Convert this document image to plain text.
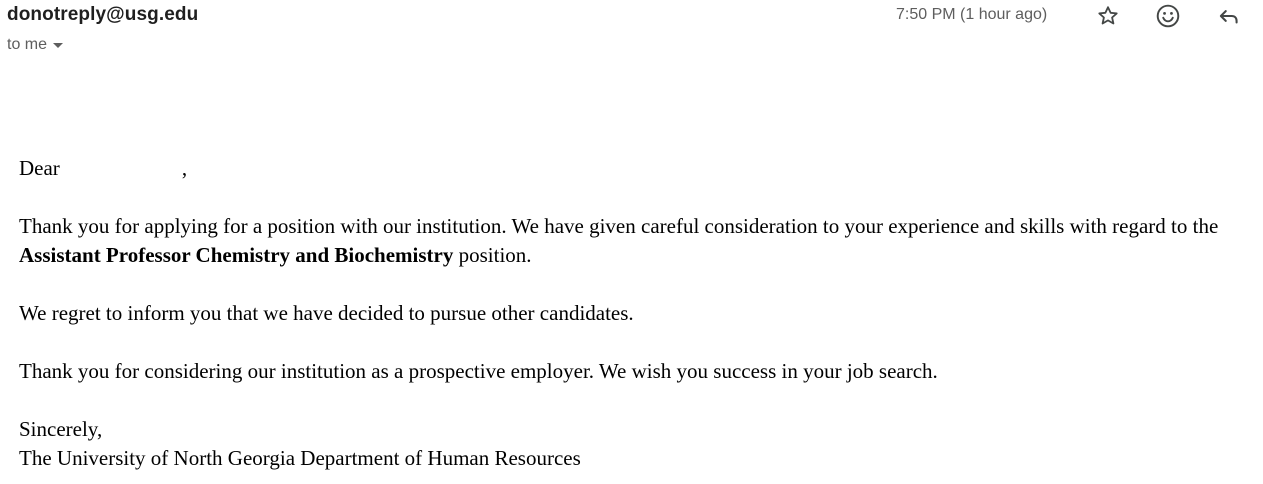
donotreply@usg.edu
to me
7:50 PM (1 hour ago)

Dear	,

Thank you for applying for a position with our institution. We have given careful consideration to your experience and skills with regard to the Assistant Professor Chemistry and Biochemistry position.

We regret to inform you that we have decided to pursue other candidates.

Thank you for considering our institution as a prospective employer. We wish you success in your job search.

Sincerely,
The University of North Georgia Department of Human Resources
